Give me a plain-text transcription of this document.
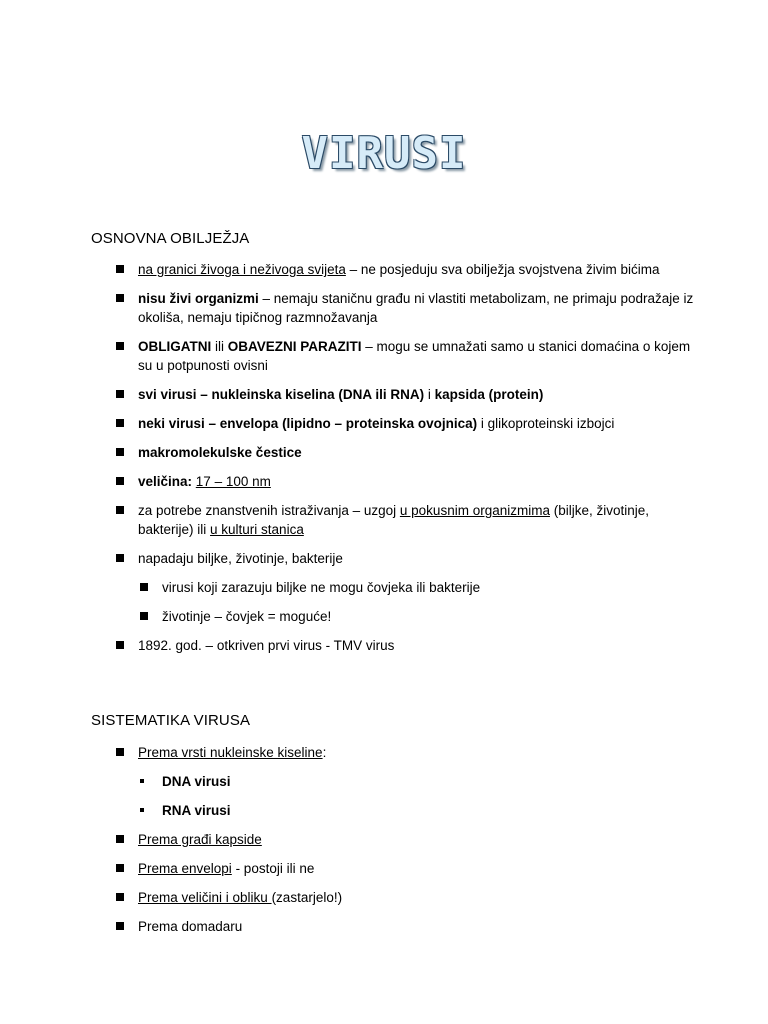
VIRUSI
OSNOVNA OBILJEŽJA
na granici živoga i neživoga svijeta – ne posjeduju sva obilježja svojstvena živim bićima
nisu živi organizmi – nemaju staničnu građu ni vlastiti metabolizam, ne primaju podražaje iz okoliša, nemaju tipičnog razmnožavanja
OBLIGATNI ili OBAVEZNI PARAZITI – mogu se umnažati samo u stanici domaćina o kojem su u potpunosti ovisni
svi virusi – nukleinska kiselina (DNA ili RNA) i kapsida (protein)
neki virusi – envelopa (lipidno – proteinska ovojnica) i glikoproteinski izbojci
makromolekulske čestice
veličina: 17 – 100 nm
za potrebe znanstvenih istraživanja – uzgoj u pokusnim organizmima (biljke, životinje, bakterije) ili u kulturi stanica
napadaju biljke, životinje, bakterije
virusi koji zarazuju biljke ne mogu čovjeka ili bakterije
životinje – čovjek = moguće!
1892. god. – otkriven prvi virus - TMV virus
SISTEMATIKA VIRUSA
Prema vrsti nukleinske kiseline:
DNA virusi
RNA virusi
Prema građi kapside
Prema envelopi - postoji ili ne
Prema veličini i obliku (zastarjelo!)
Prema domadaru
